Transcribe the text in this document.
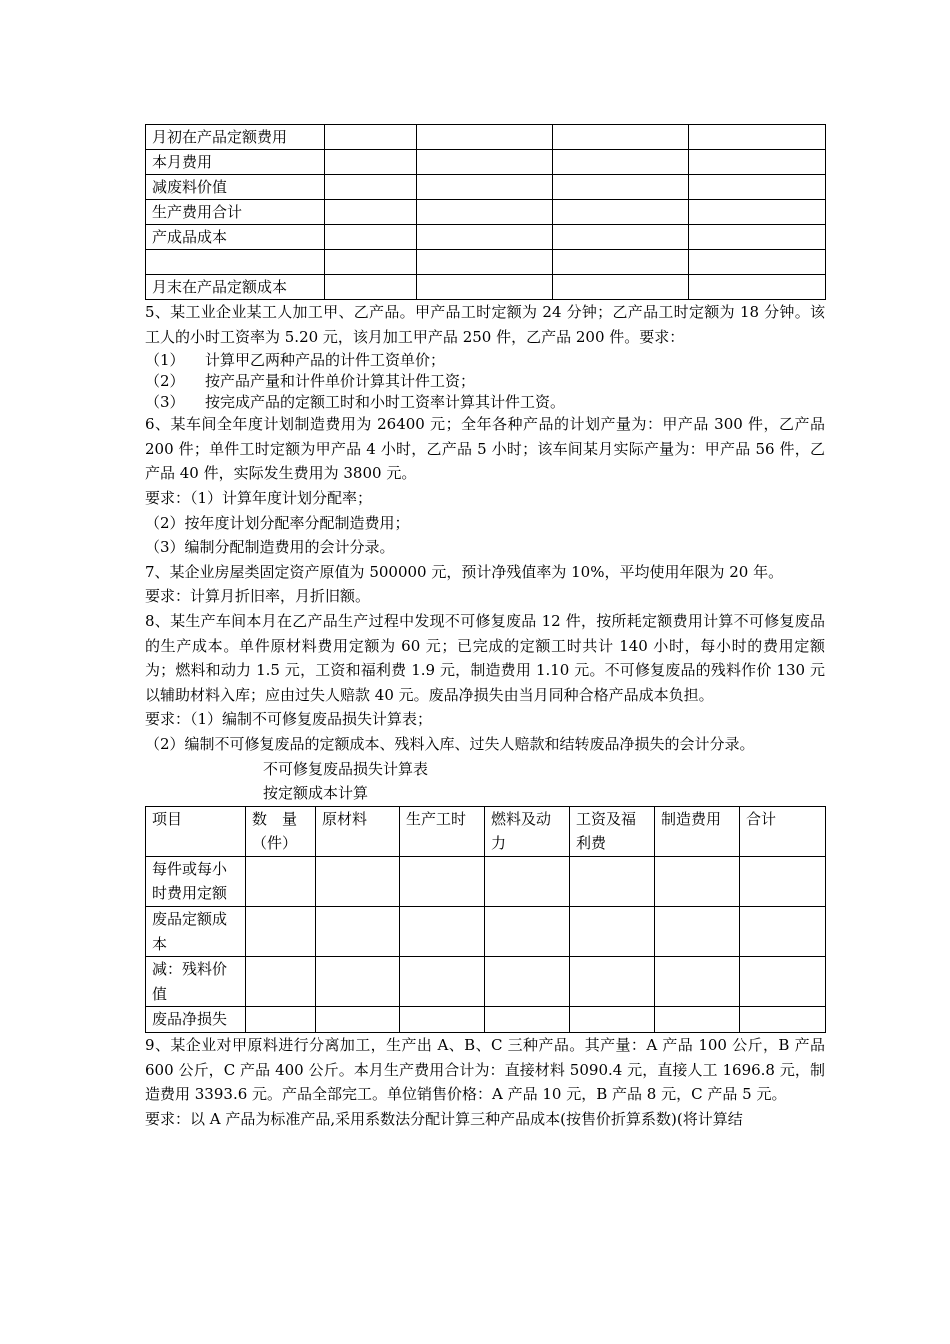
月初在产品定额费用				
本月费用				
减废料价值				
生产费用合计				
产成品成本				

月末在产品定额成本				

5、某工业企业某工人加工甲、乙产品。甲产品工时定额为 24 分钟；乙产品工时定额为 18 分钟。该工人的小时工资率为 5.20 元，该月加工甲产品 250 件，乙产品 200 件。要求：

（1）	计算甲乙两种产品的计件工资单价；
（2）	按产品产量和计件单价计算其计件工资；
（3）	按完成产品的定额工时和小时工资率计算其计件工资。

6、某车间全年度计划制造费用为 26400 元；全年各种产品的计划产量为：甲产品 300 件，乙产品 200 件；单件工时定额为甲产品 4 小时，乙产品 5 小时；该车间某月实际产量为：甲产品 56 件，乙产品 40 件，实际发生费用为 3800 元。

要求：（1）计算年度计划分配率；

（2）按年度计划分配率分配制造费用；

（3）编制分配制造费用的会计分录。

7、某企业房屋类固定资产原值为 500000 元，预计净残值率为 10%，平均使用年限为 20 年。

要求：计算月折旧率，月折旧额。

8、某生产车间本月在乙产品生产过程中发现不可修复废品 12 件，按所耗定额费用计算不可修复废品的生产成本。单件原材料费用定额为 60 元；已完成的定额工时共计 140 小时，每小时的费用定额为；燃料和动力 1.5 元，工资和福利费 1.9 元，制造费用 1.10 元。不可修复废品的残料作价 130 元以辅助材料入库；应由过失人赔款 40 元。废品净损失由当月同种合格产品成本负担。

要求：（1）编制不可修复废品损失计算表；

（2）编制不可修复废品的定额成本、残料入库、过失人赔款和结转废品净损失的会计分录。

不可修复废品损失计算表
按定额成本计算
项目	数　量（件）	原材料	生产工时	燃料及动力	工资及福利费	制造费用	合计
每件或每小时费用定额							
废品定额成本							
减：残料价值							
废品净损失							

9、某企业对甲原料进行分离加工，生产出 A、B、C 三种产品。其产量：A 产品 100 公斤，B 产品 600 公斤，C 产品 400 公斤。本月生产费用合计为：直接材料 5090.4 元，直接人工 1696.8 元，制造费用 3393.6 元。产品全部完工。单位销售价格：A 产品 10 元，B 产品 8 元，C 产品 5 元。

要求：以 A 产品为标准产品,采用系数法分配计算三种产品成本(按售价折算系数)(将计算结
